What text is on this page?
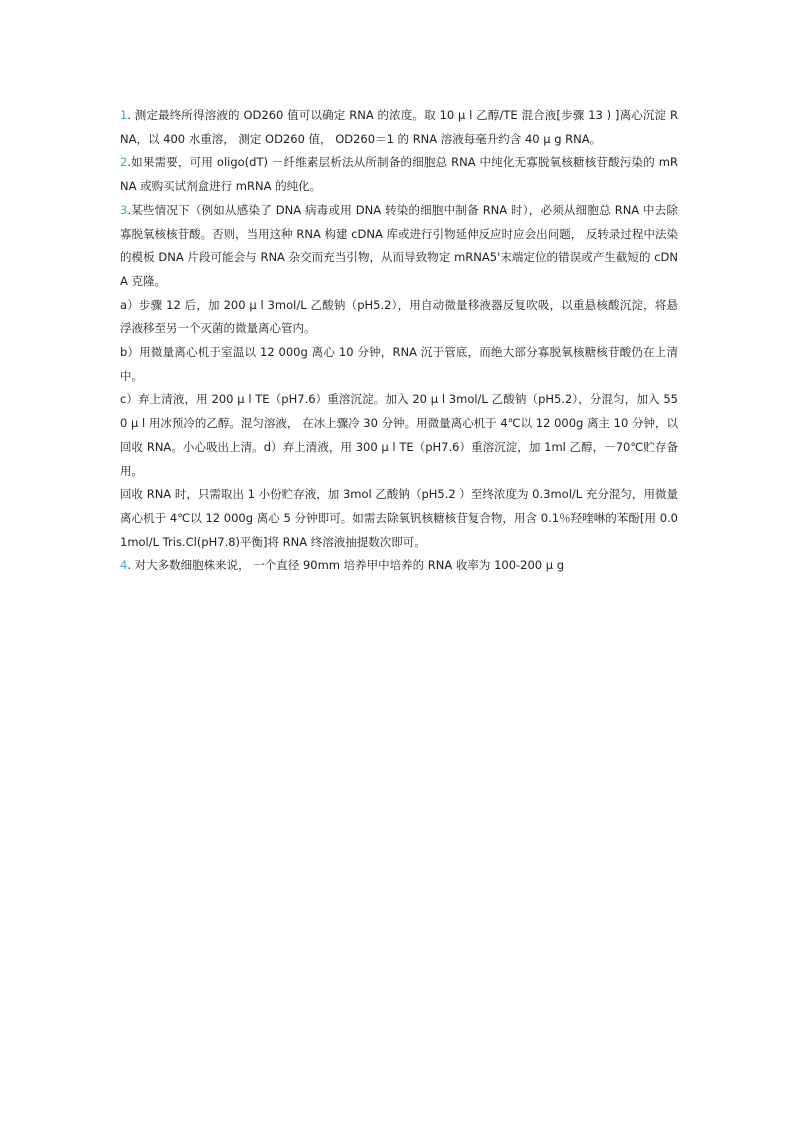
1. 测定最终所得溶液的 OD260 值可以确定 RNA 的浓度。取 10 μ l 乙醇/TE 混合液[步骤 13 ) ]离心沉淀 RNA，以 400 水重溶， 测定 OD260 值， OD260＝1 的 RNA 溶液每毫升约含 40 μ g RNA。

2.如果需要，可用 oligo(dT) －纤维素层析法从所制备的细胞总 RNA 中纯化无寡脱氧核糖核苷酸污染的 mRNA 或购买试剂盒进行 mRNA 的纯化。

3.某些情况下（例如从感染了 DNA 病毒或用 DNA 转染的细胞中制备 RNA 时），必须从细胞总 RNA 中去除寡脱氧核核苷酸。否则，当用这种 RNA 构建 cDNA 库或进行引物延伸反应时应会出问题， 反转录过程中法染的模板 DNA 片段可能会与 RNA 杂交而充当引物，从而导致物定 mRNA5'末端定位的错误或产生截短的 cDNA 克隆。

a）步骤 12 后，加 200 μ l 3mol/L 乙酸钠（pH5.2），用自动微量移液器反复吹吸，以重悬核酸沉淀，将悬浮液移至另一个灭菌的微量离心管内。

b）用微量离心机于室温以 12 000g 离心 10 分钟，RNA 沉于管底，而绝大部分寡脱氧核糖核苷酸仍在上清中。

c）弃上清液，用 200 μ l TE（pH7.6）重溶沉淀。加入 20 μ l 3mol/L 乙酸钠（pH5.2），分混匀，加入 550 μ l 用冰预冷的乙醇。混匀溶液， 在冰上骤冷 30 分钟。用微量离心机于 4℃以 12 000g 离主 10 分钟，以回收 RNA。小心吸出上清。d）弃上清液，用 300 μ l TE（pH7.6）重溶沉淀，加 1ml 乙醇，－70℃贮存备用。

回收 RNA 时，只需取出 1 小份贮存液，加 3mol 乙酸钠（pH5.2 ）至终浓度为 0.3mol/L 充分混匀，用微量离心机于 4℃以 12 000g 离心 5 分钟即可。如需去除氧钒核糖核苷复合物，用含 0.1％羟喹啉的苯酚[用 0.01mol/L Tris.Cl(pH7.8)平衡]将 RNA 终溶液抽提数次即可。

4. 对大多数细胞株来说， 一个直径 90mm 培养甲中培养的 RNA 收率为 100-200 μ g
